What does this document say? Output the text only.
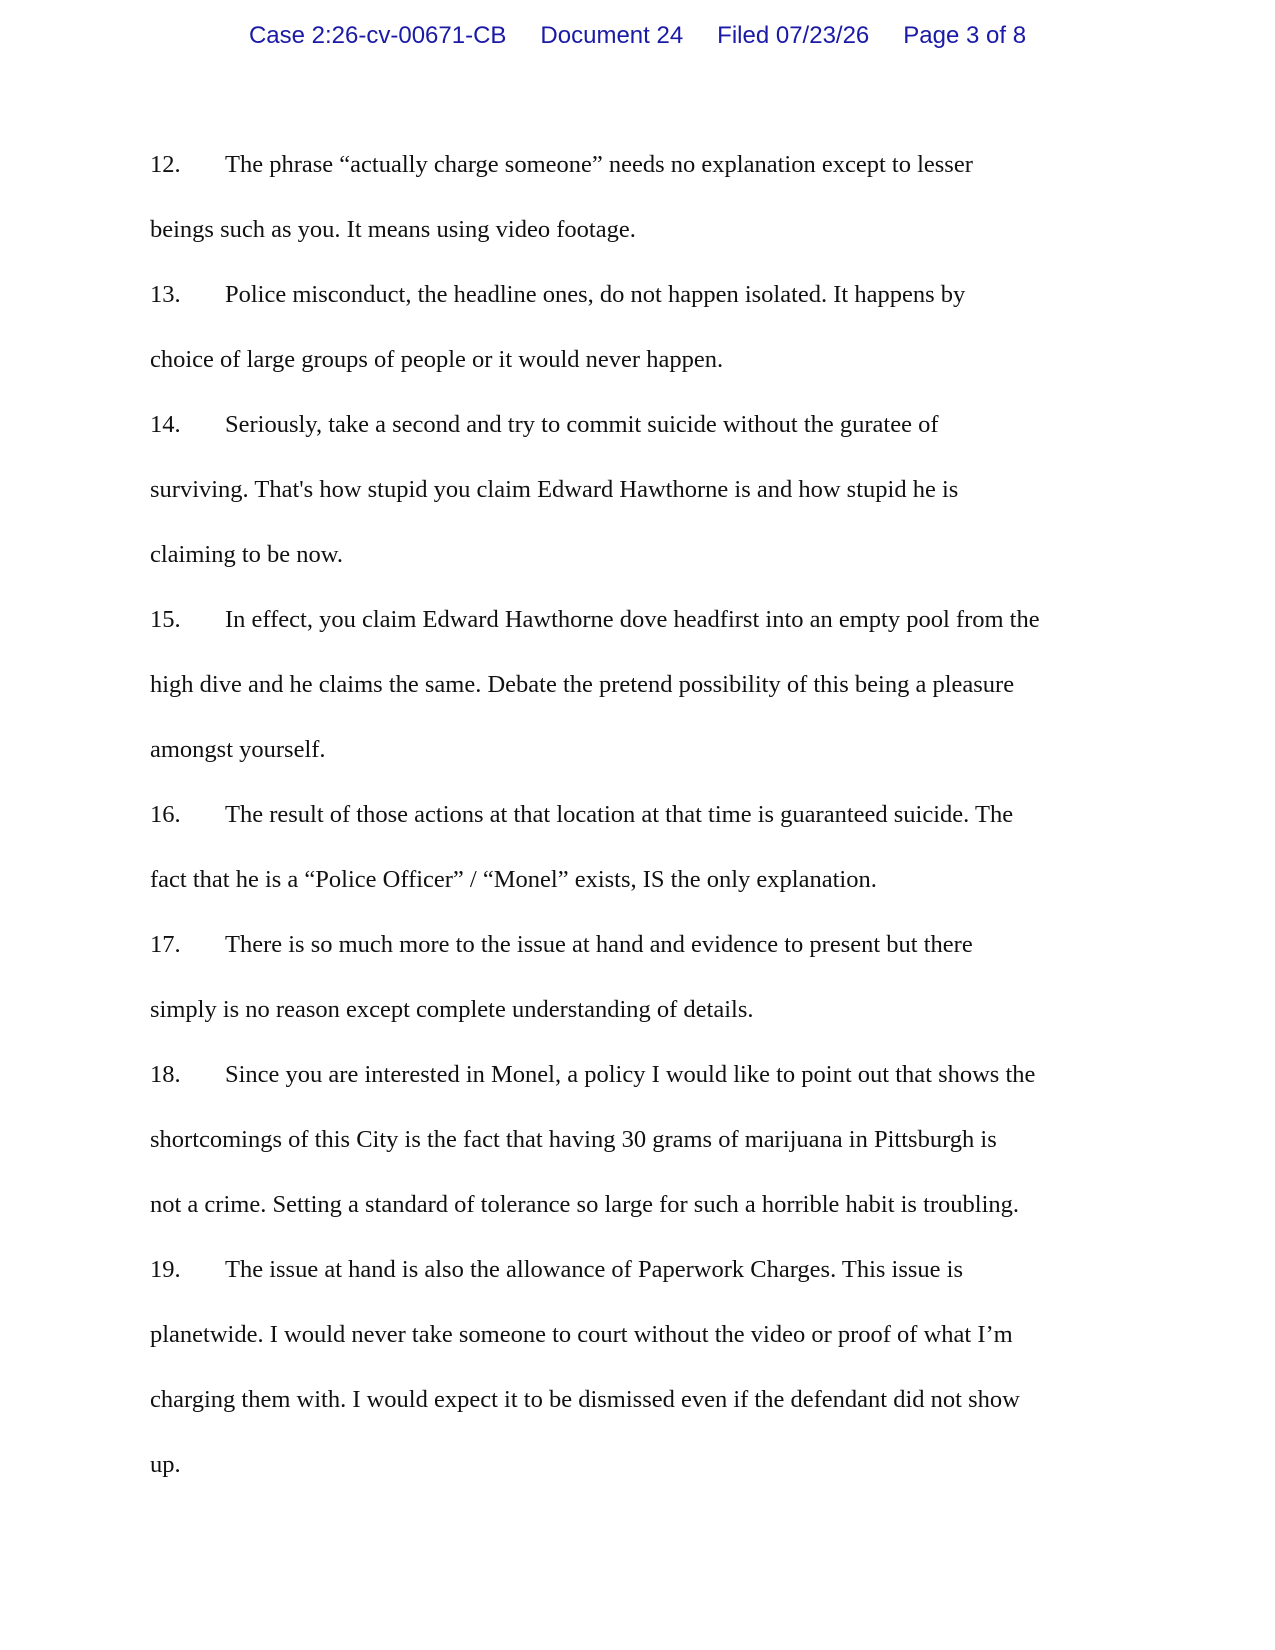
Case 2:26-cv-00671-CB Document 24 Filed 07/23/26 Page 3 of 8
12. The phrase “actually charge someone” needs no explanation except to lesser
beings such as you. It means using video footage.
13. Police misconduct, the headline ones, do not happen isolated. It happens by
choice of large groups of people or it would never happen.
14. Seriously, take a second and try to commit suicide without the guratee of
surviving. That's how stupid you claim Edward Hawthorne is and how stupid he is
claiming to be now.
15. In effect, you claim Edward Hawthorne dove headfirst into an empty pool from the
high dive and he claims the same. Debate the pretend possibility of this being a pleasure
amongst yourself.
16. The result of those actions at that location at that time is guaranteed suicide. The
fact that he is a “Police Officer” / “Monel” exists, IS the only explanation.
17. There is so much more to the issue at hand and evidence to present but there
simply is no reason except complete understanding of details.
18. Since you are interested in Monel, a policy I would like to point out that shows the
shortcomings of this City is the fact that having 30 grams of marijuana in Pittsburgh is
not a crime. Setting a standard of tolerance so large for such a horrible habit is troubling.
19. The issue at hand is also the allowance of Paperwork Charges. This issue is
planetwide. I would never take someone to court without the video or proof of what I’m
charging them with. I would expect it to be dismissed even if the defendant did not show
up.
